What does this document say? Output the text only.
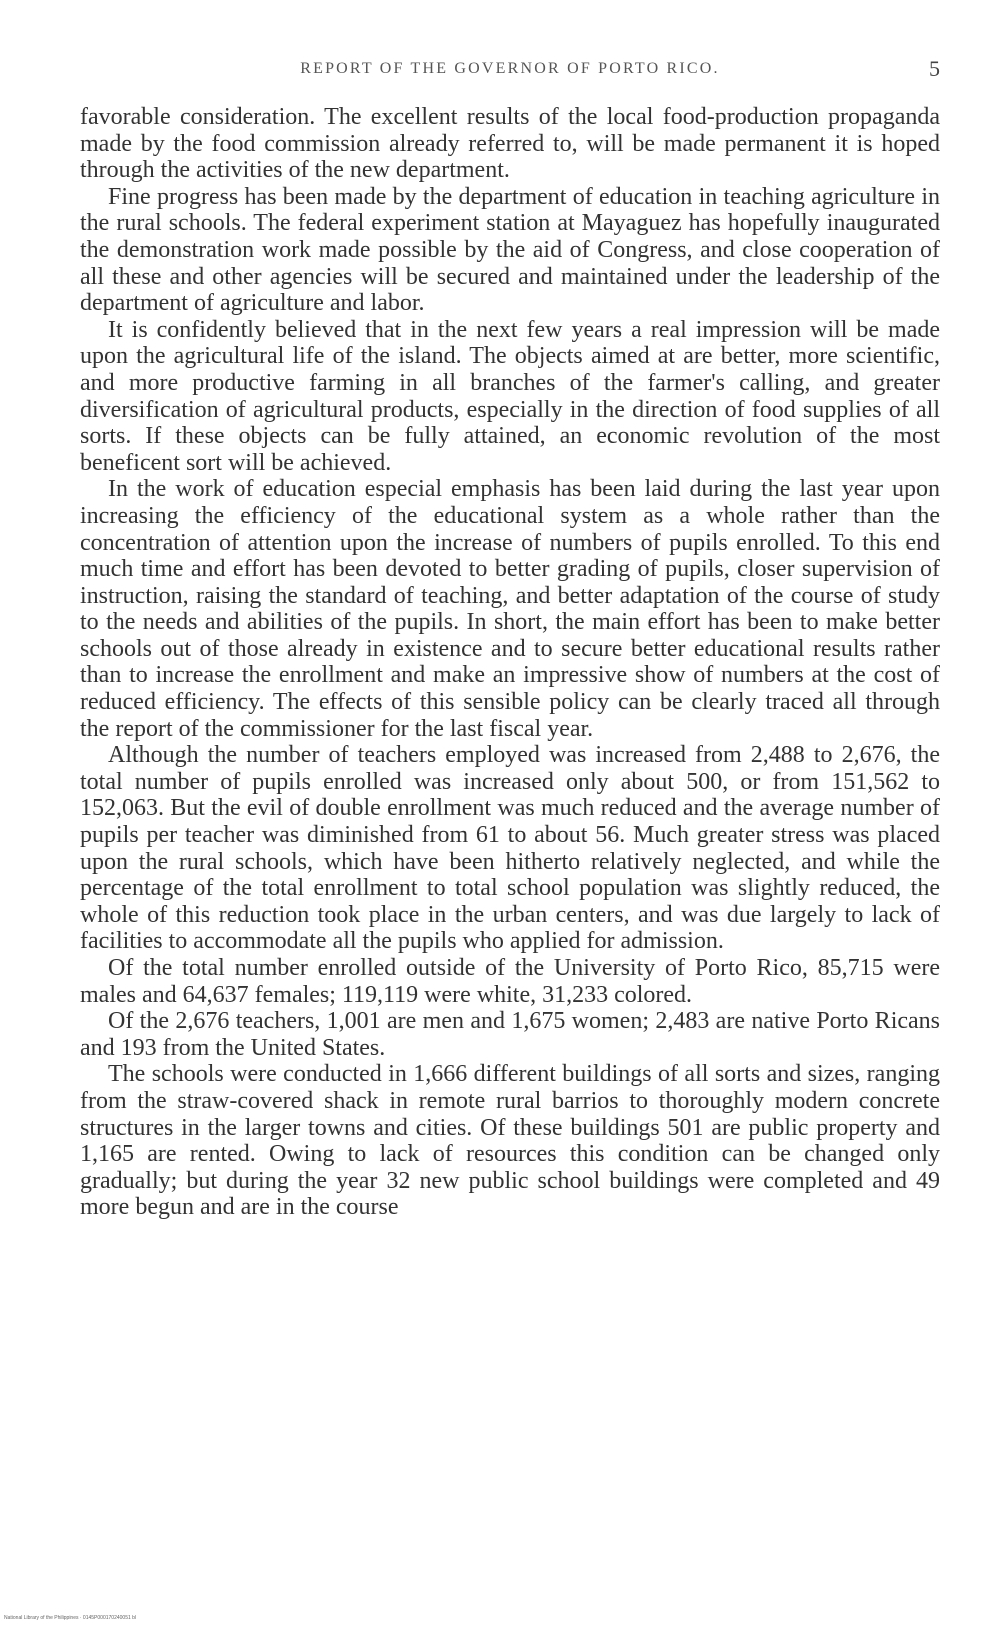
REPORT OF THE GOVERNOR OF PORTO RICO.	5

favorable consideration. The excellent results of the local food-production propaganda made by the food commission already referred to, will be made permanent it is hoped through the activities of the new department.

Fine progress has been made by the department of education in teaching agriculture in the rural schools. The federal experiment station at Mayaguez has hopefully inaugurated the demonstration work made possible by the aid of Congress, and close cooperation of all these and other agencies will be secured and maintained under the leadership of the department of agriculture and labor.

It is confidently believed that in the next few years a real impression will be made upon the agricultural life of the island. The objects aimed at are better, more scientific, and more productive farming in all branches of the farmer's calling, and greater diversification of agricultural products, especially in the direction of food supplies of all sorts. If these objects can be fully attained, an economic revolution of the most beneficent sort will be achieved.

In the work of education especial emphasis has been laid during the last year upon increasing the efficiency of the educational system as a whole rather than the concentration of attention upon the increase of numbers of pupils enrolled. To this end much time and effort has been devoted to better grading of pupils, closer supervision of instruction, raising the standard of teaching, and better adaptation of the course of study to the needs and abilities of the pupils. In short, the main effort has been to make better schools out of those already in existence and to secure better educational results rather than to increase the enrollment and make an impressive show of numbers at the cost of reduced efficiency. The effects of this sensible policy can be clearly traced all through the report of the commissioner for the last fiscal year.

Although the number of teachers employed was increased from 2,488 to 2,676, the total number of pupils enrolled was increased only about 500, or from 151,562 to 152,063. But the evil of double enrollment was much reduced and the average number of pupils per teacher was diminished from 61 to about 56. Much greater stress was placed upon the rural schools, which have been hitherto relatively neglected, and while the percentage of the total enrollment to total school population was slightly reduced, the whole of this reduction took place in the urban centers, and was due largely to lack of facilities to accommodate all the pupils who applied for admission.

Of the total number enrolled outside of the University of Porto Rico, 85,715 were males and 64,637 females; 119,119 were white, 31,233 colored.

Of the 2,676 teachers, 1,001 are men and 1,675 women; 2,483 are native Porto Ricans and 193 from the United States.

The schools were conducted in 1,666 different buildings of all sorts and sizes, ranging from the straw-covered shack in remote rural barrios to thoroughly modern concrete structures in the larger towns and cities. Of these buildings 501 are public property and 1,165 are rented. Owing to lack of resources this condition can be changed only gradually; but during the year 32 new public school buildings were completed and 49 more begun and are in the course

National Library of the Philippines · 0145P000170240051 bl
